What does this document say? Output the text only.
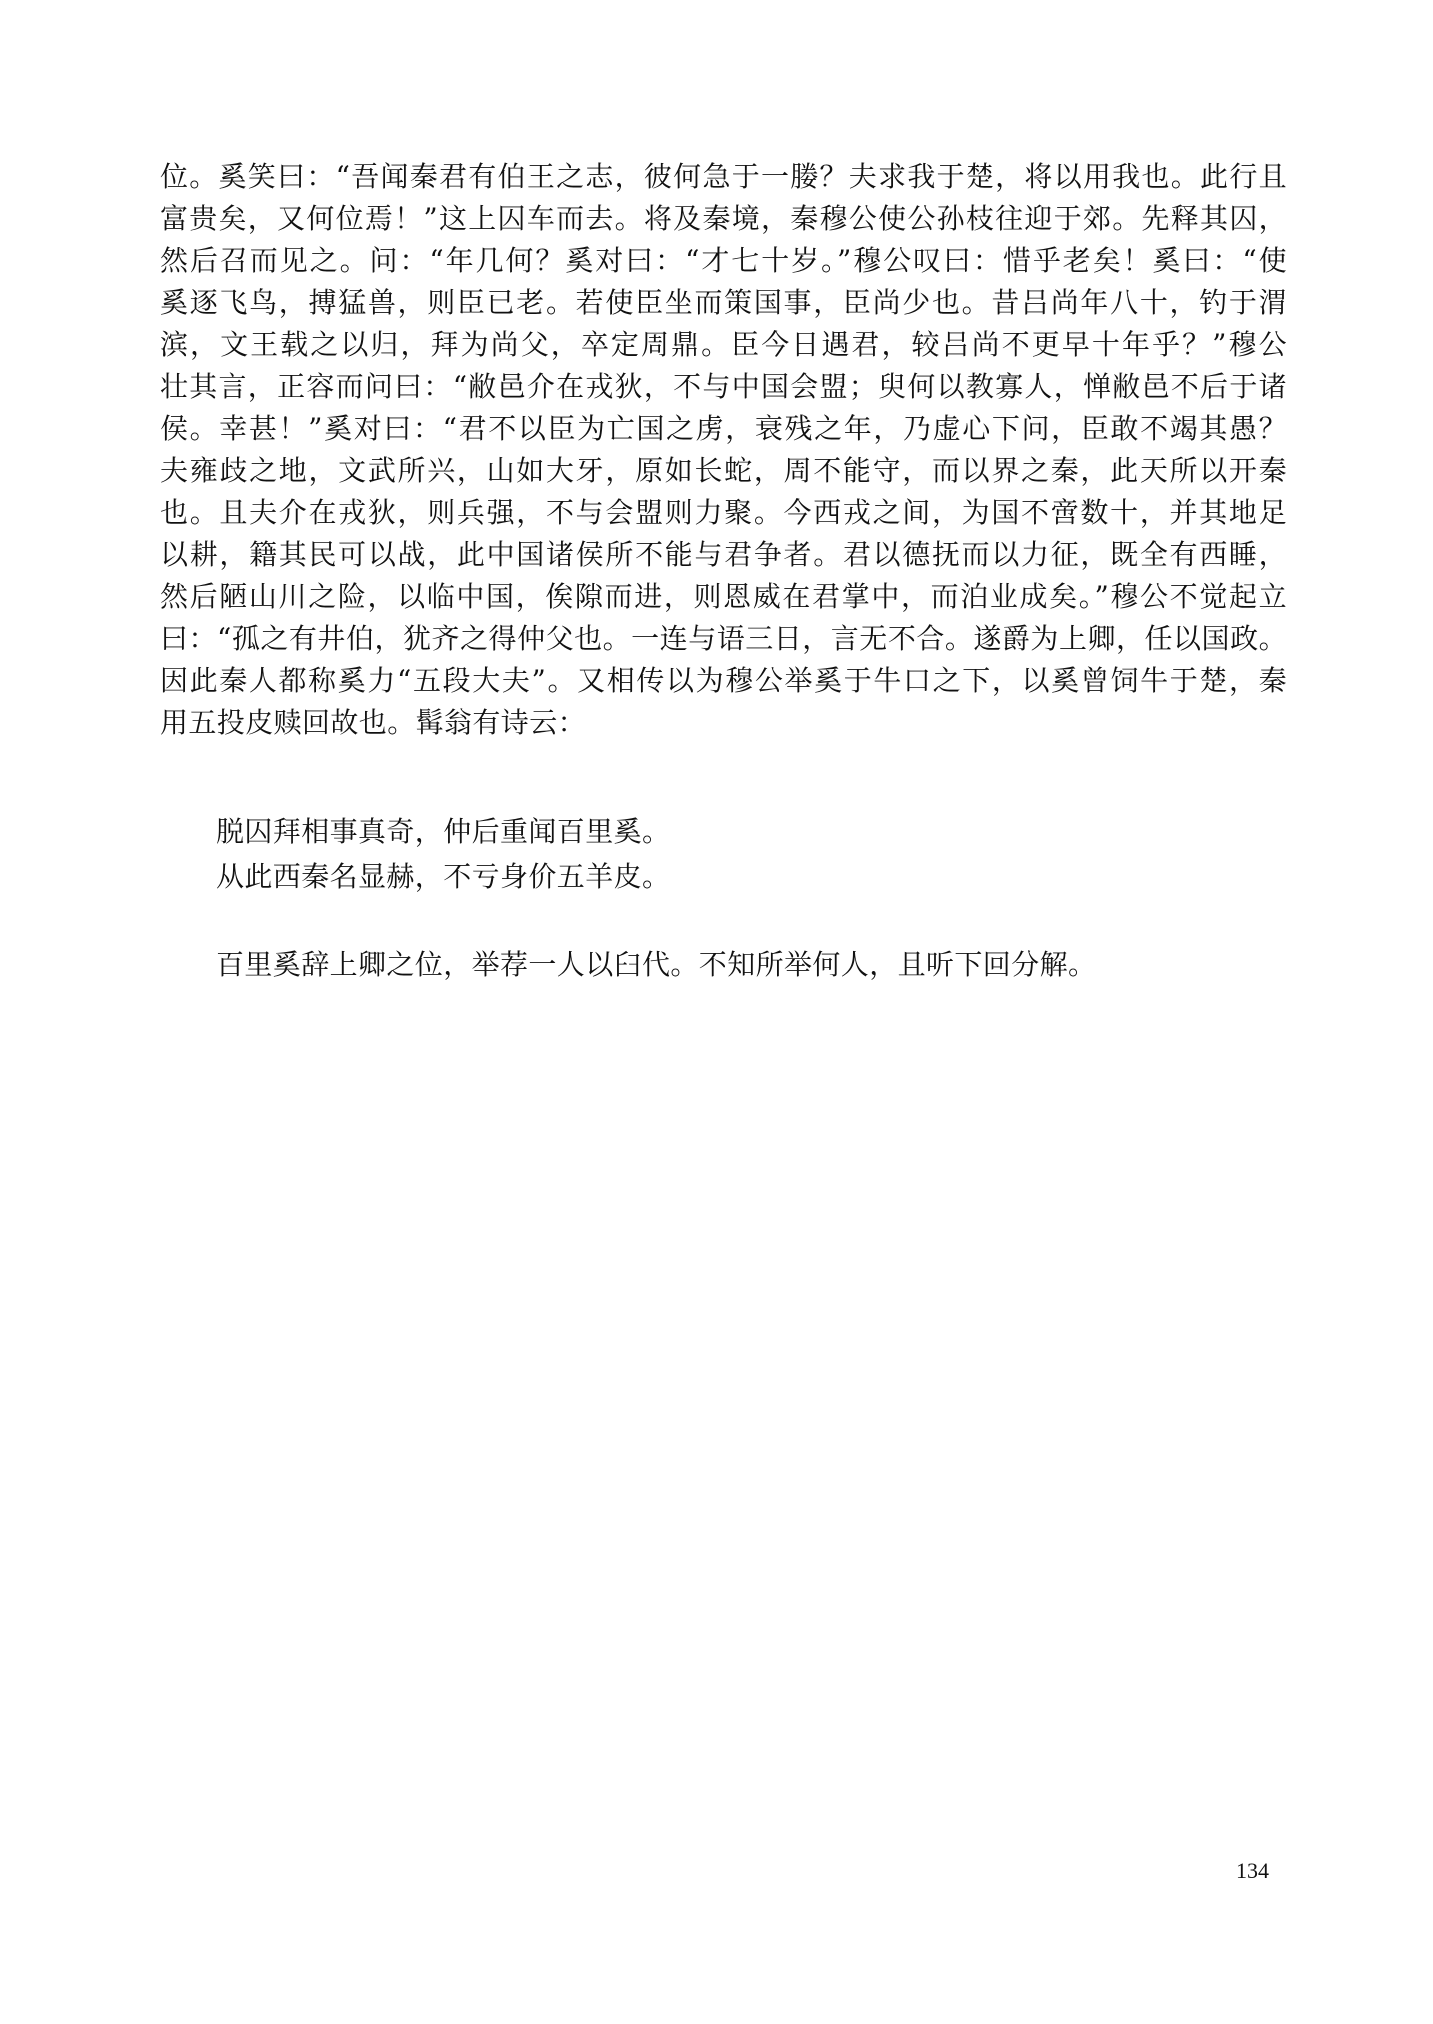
位。奚笑曰：“吾闻秦君有伯王之志，彼何急于一媵？夫求我于楚，将以用我也。此行且
富贵矣，又何位焉！”这上囚车而去。将及秦境，秦穆公使公孙枝往迎于郊。先释其囚，
然后召而见之。问：“年几何？奚对曰：“才七十岁。”穆公叹曰：惜乎老矣！奚曰：“使
奚逐飞鸟，搏猛兽，则臣已老。若使臣坐而策国事，臣尚少也。昔吕尚年八十，钓于渭
滨，文王载之以归，拜为尚父，卒定周鼎。臣今日遇君，较吕尚不更早十年乎？”穆公
壮其言，正容而问曰：“敝邑介在戎狄，不与中国会盟；臾何以教寡人，惮敝邑不后于诸
侯。幸甚！”奚对曰：“君不以臣为亡国之虏，衰残之年，乃虚心下问，臣敢不竭其愚？
夫雍歧之地，文武所兴，山如大牙，原如长蛇，周不能守，而以界之秦，此天所以开秦
也。且夫介在戎狄，则兵强，不与会盟则力聚。今西戎之间，为国不啻数十，并其地足
以耕，籍其民可以战，此中国诸侯所不能与君争者。君以德抚而以力征，既全有西睡，
然后陋山川之险，以临中国，俟隙而进，则恩威在君掌中，而泊业成矣。”穆公不觉起立
曰：“孤之有井伯，犹齐之得仲父也。一连与语三日，言无不合。遂爵为上卿，任以国政。
因此秦人都称奚力“五段大夫”。又相传以为穆公举奚于牛口之下，以奚曾饲牛于楚，秦
用五投皮赎回故也。髯翁有诗云：
脱囚拜相事真奇，仲后重闻百里奚。
从此西秦名显赫，不亏身价五羊皮。
百里奚辞上卿之位，举荐一人以臼代。不知所举何人，且听下回分解。
134
